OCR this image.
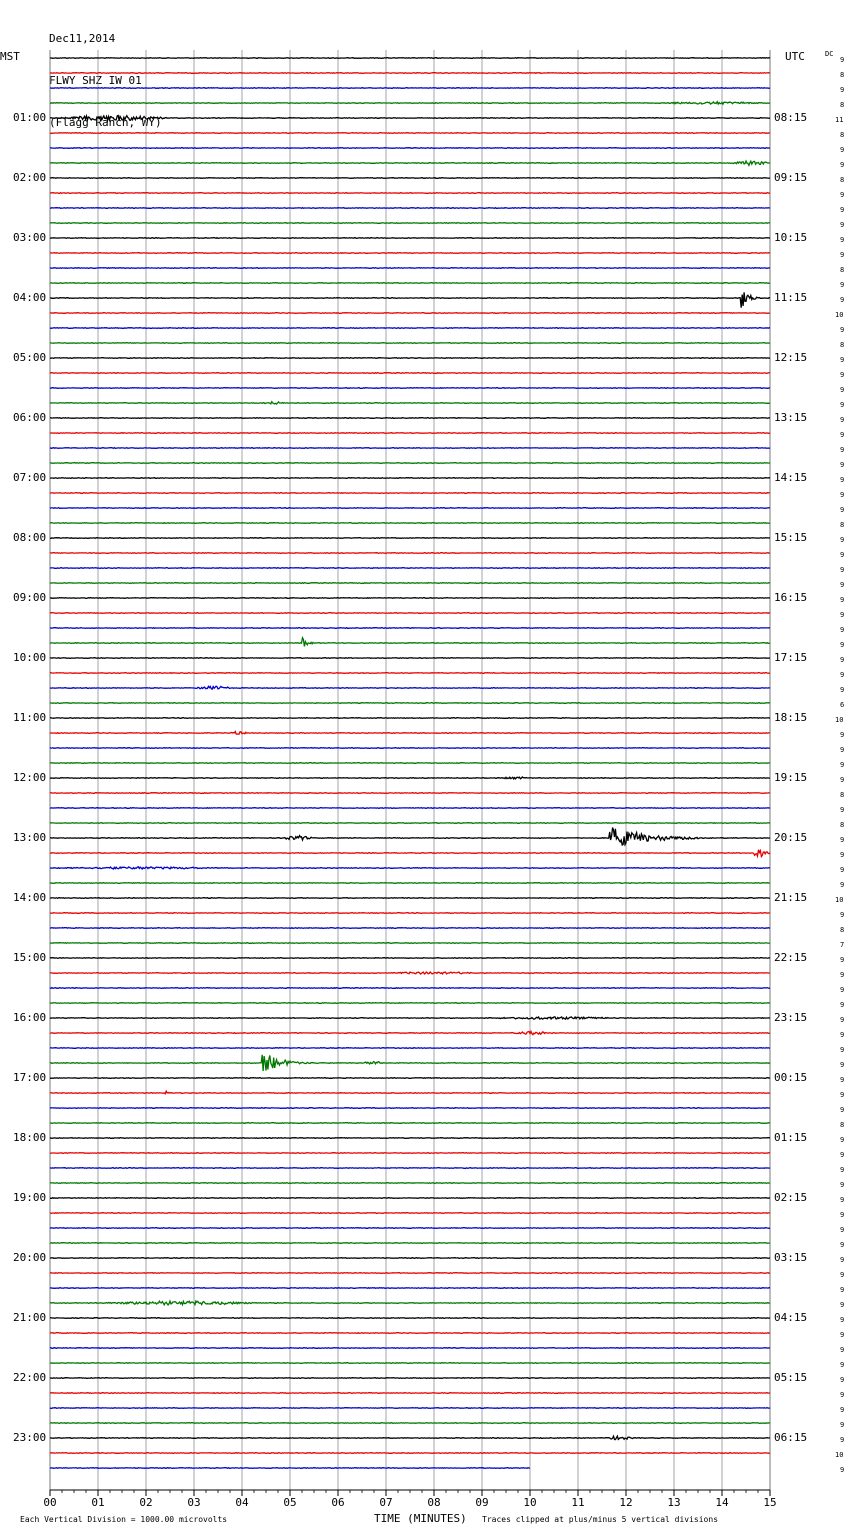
Dec11,2014

FLWY SHZ IW 01

(Flagg Ranch, WY)

MST	UTC	DC
00	01	02	03	04	05	06	07	08	09	10	11	12	13	14	15
01:00
02:00
03:00
04:00
05:00
06:00
07:00
08:00
09:00
10:00
11:00
12:00
13:00
14:00
15:00
16:00
17:00
18:00
19:00
20:00
21:00
22:00
23:00
08:15
09:15
10:15
11:15
12:15
13:15
14:15
15:15
16:15
17:15
18:15
19:15
20:15
21:15
22:15
23:15
00:15
01:15
02:15
03:15
04:15
05:15
06:15
9
8
9
8
11
8
9
9
8
9
9
9
9
9
8
9
9
10
9
8
9
9
9
9
9
9
9
9
9
9
9
8
9
9
9
9
9
9
9
9
9
9
9
6
10
9
9
9
9
8
9
8
9
9
9
9
10
9
8
7
9
9
9
9
9
9
9
9
9
9
9
8
9
9
9
9
9
9
9
9
9
9
9
9
9
9
9
9
9
9
9
9
9
10
9
Each Vertical Division = 1000.00 microvolts	TIME (MINUTES) Traces clipped at plus/minus 5 vertical divisions
